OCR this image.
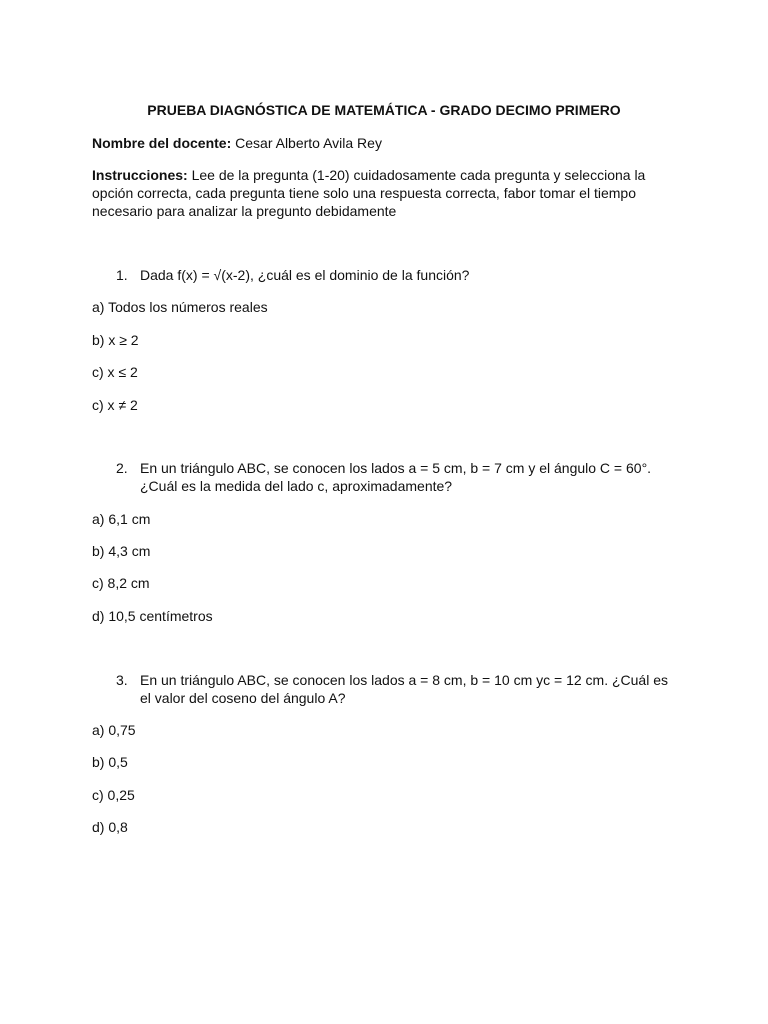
PRUEBA DIAGNÓSTICA DE MATEMÁTICA - GRADO DECIMO PRIMERO
Nombre del docente: Cesar Alberto Avila Rey
Instrucciones: Lee de la pregunta (1-20) cuidadosamente cada pregunta y selecciona la opción correcta, cada pregunta tiene solo una respuesta correcta, fabor tomar el tiempo necesario para analizar la pregunto debidamente
1. Dada f(x) = √(x-2), ¿cuál es el dominio de la función?
a) Todos los números reales
b) x ≥ 2
c) x ≤ 2
c) x ≠ 2
2. En un triángulo ABC, se conocen los lados a = 5 cm, b = 7 cm y el ángulo C = 60°. ¿Cuál es la medida del lado c, aproximadamente?
a) 6,1 cm
b) 4,3 cm
c) 8,2 cm
d) 10,5 centímetros
3. En un triángulo ABC, se conocen los lados a = 8 cm, b = 10 cm yc = 12 cm. ¿Cuál es el valor del coseno del ángulo A?
a) 0,75
b) 0,5
c) 0,25
d) 0,8
